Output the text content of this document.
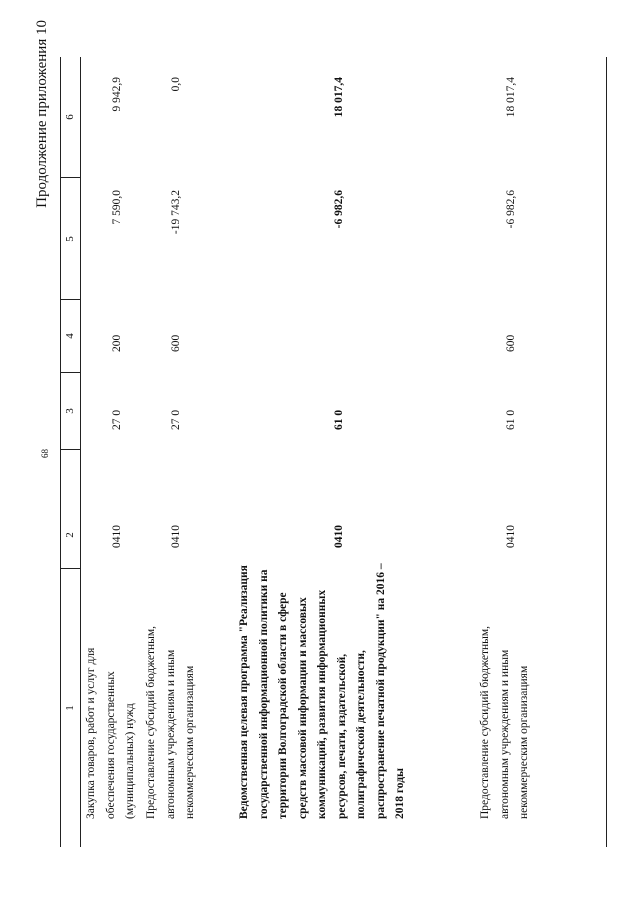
68
Продолжение приложения 10
1
2
3
4
5
6
Закупка товаров, работ и услуг для обеспечения государственных (муниципальных) нужд
0410
27 0
200
7 590,0
9 942,9
Предоставление субсидий бюджетным, автономным учреждениям и иным некоммерческим организациям
0410
27 0
600
-19 743,2
0,0
Ведомственная целевая программа "Реализация государственной информационной политики на территории Волгоградской области в сфере средств массовой информации и массовых коммуникаций, развития информационных ресурсов, печати, издательской, полиграфической деятельности, распространение печатной продукции" на 2016 – 2018 годы
0410
61 0
-6 982,6
18 017,4
Предоставление субсидий бюджетным, автономным учреждениям и иным некоммерческим организациям
0410
61 0
600
-6 982,6
18 017,4
